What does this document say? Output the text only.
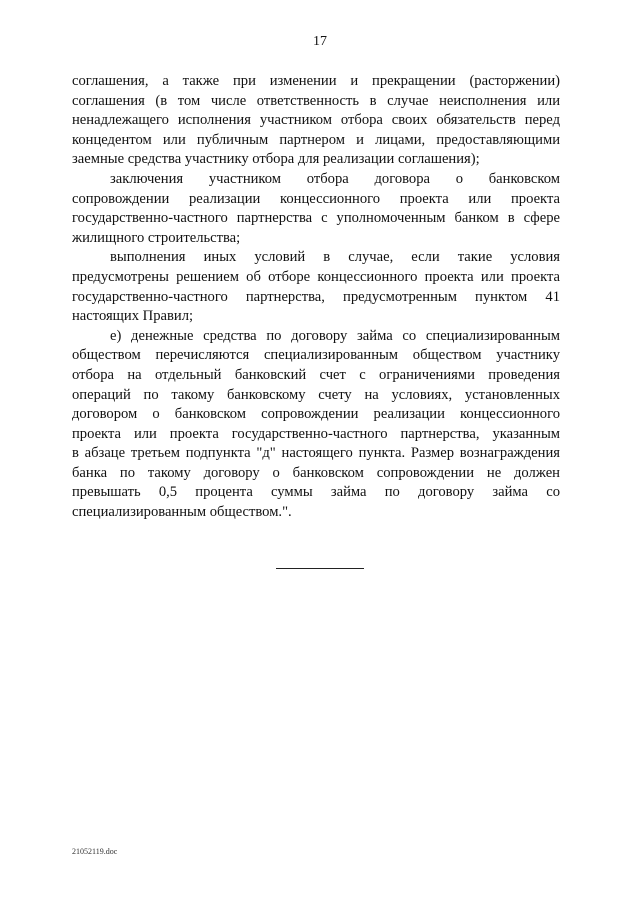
17

соглашения, а также при изменении и прекращении (расторжении)
соглашения (в том числе ответственность в случае неисполнения или
ненадлежащего исполнения участником отбора своих обязательств перед
концедентом или публичным партнером и лицами, предоставляющими
заемные средства участнику отбора для реализации соглашения);

заключения участником отбора договора о банковском
сопровождении реализации концессионного проекта или проекта
государственно-частного партнерства с уполномоченным банком в сфере
жилищного строительства;

выполнения иных условий в случае, если такие условия
предусмотрены решением об отборе концессионного проекта или проекта
государственно-частного партнерства, предусмотренным пунктом 41
настоящих Правил;

е) денежные средства по договору займа со специализированным
обществом перечисляются специализированным обществом участнику
отбора на отдельный банковский счет с ограничениями проведения
операций по такому банковскому счету на условиях, установленных
договором о банковском сопровождении реализации концессионного
проекта или проекта государственно-частного партнерства, указанным
в абзаце третьем подпункта "д" настоящего пункта. Размер вознаграждения
банка по такому договору о банковском сопровождении не должен
превышать 0,5 процента суммы займа по договору займа со
специализированным обществом.".

21052119.doc
